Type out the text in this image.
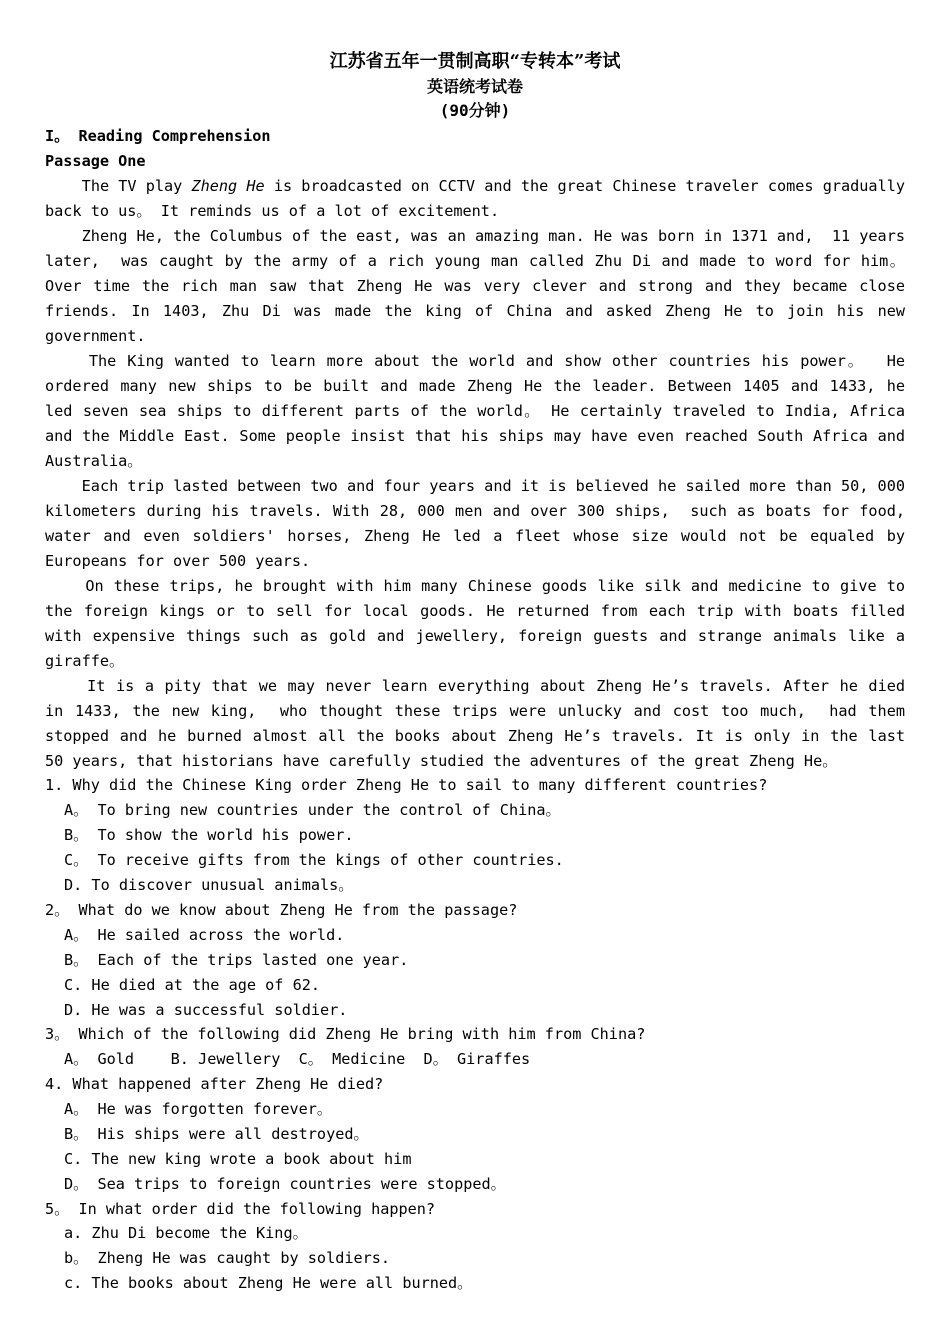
江苏省五年一贯制高职“专转本”考试
英语统考试卷
(90分钟)
I。 Reading Comprehension
Passage One
The TV play Zheng He is broadcasted on CCTV and the great Chinese traveler comes gradually
back to us。 It reminds us of a lot of excitement.
Zheng He, the Columbus of the east, was an amazing man. He was born in 1371 and,  11 years
later,  was caught by the army of a rich young man called Zhu Di and made to word for him。
Over time the rich man saw that Zheng He was very clever and strong and they became close
friends. In 1403, Zhu Di was made the king of China and asked Zheng He to join his new
government.
The King wanted to learn more about the world and show other countries his power。  He
ordered many new ships to be built and made Zheng He the leader. Between 1405 and 1433, he
led seven sea ships to different parts of the world。 He certainly traveled to India, Africa
and the Middle East. Some people insist that his ships may have even reached South Africa and
Australia。
Each trip lasted between two and four years and it is believed he sailed more than 50, 000
kilometers during his travels. With 28, 000 men and over 300 ships,  such as boats for food,
water and even soldiers' horses, Zheng He led a fleet whose size would not be equaled by
Europeans for over 500 years.
On these trips, he brought with him many Chinese goods like silk and medicine to give to
the foreign kings or to sell for local goods. He returned from each trip with boats filled
with expensive things such as gold and jewellery, foreign guests and strange animals like a
giraffe。
It is a pity that we may never learn everything about Zheng He’s travels. After he died
in 1433, the new king,  who thought these trips were unlucky and cost too much,  had them
stopped and he burned almost all the books about Zheng He’s travels. It is only in the last
50 years, that historians have carefully studied the adventures of the great Zheng He。
1. Why did the Chinese King order Zheng He to sail to many different countries?
A。 To bring new countries under the control of China。
B。 To show the world his power.
C。 To receive gifts from the kings of other countries.
D. To discover unusual animals。
2。 What do we know about Zheng He from the passage?
A。 He sailed across the world.
B。 Each of the trips lasted one year.
C. He died at the age of 62.
D. He was a successful soldier.
3。 Which of the following did Zheng He bring with him from China?
A。 Gold    B. Jewellery  C。 Medicine  D。 Giraffes
4. What happened after Zheng He died?
A。 He was forgotten forever。
B。 His ships were all destroyed。
C. The new king wrote a book about him
D。 Sea trips to foreign countries were stopped。
5。 In what order did the following happen?
a. Zhu Di become the King。
b。 Zheng He was caught by soldiers.
c. The books about Zheng He were all burned。
